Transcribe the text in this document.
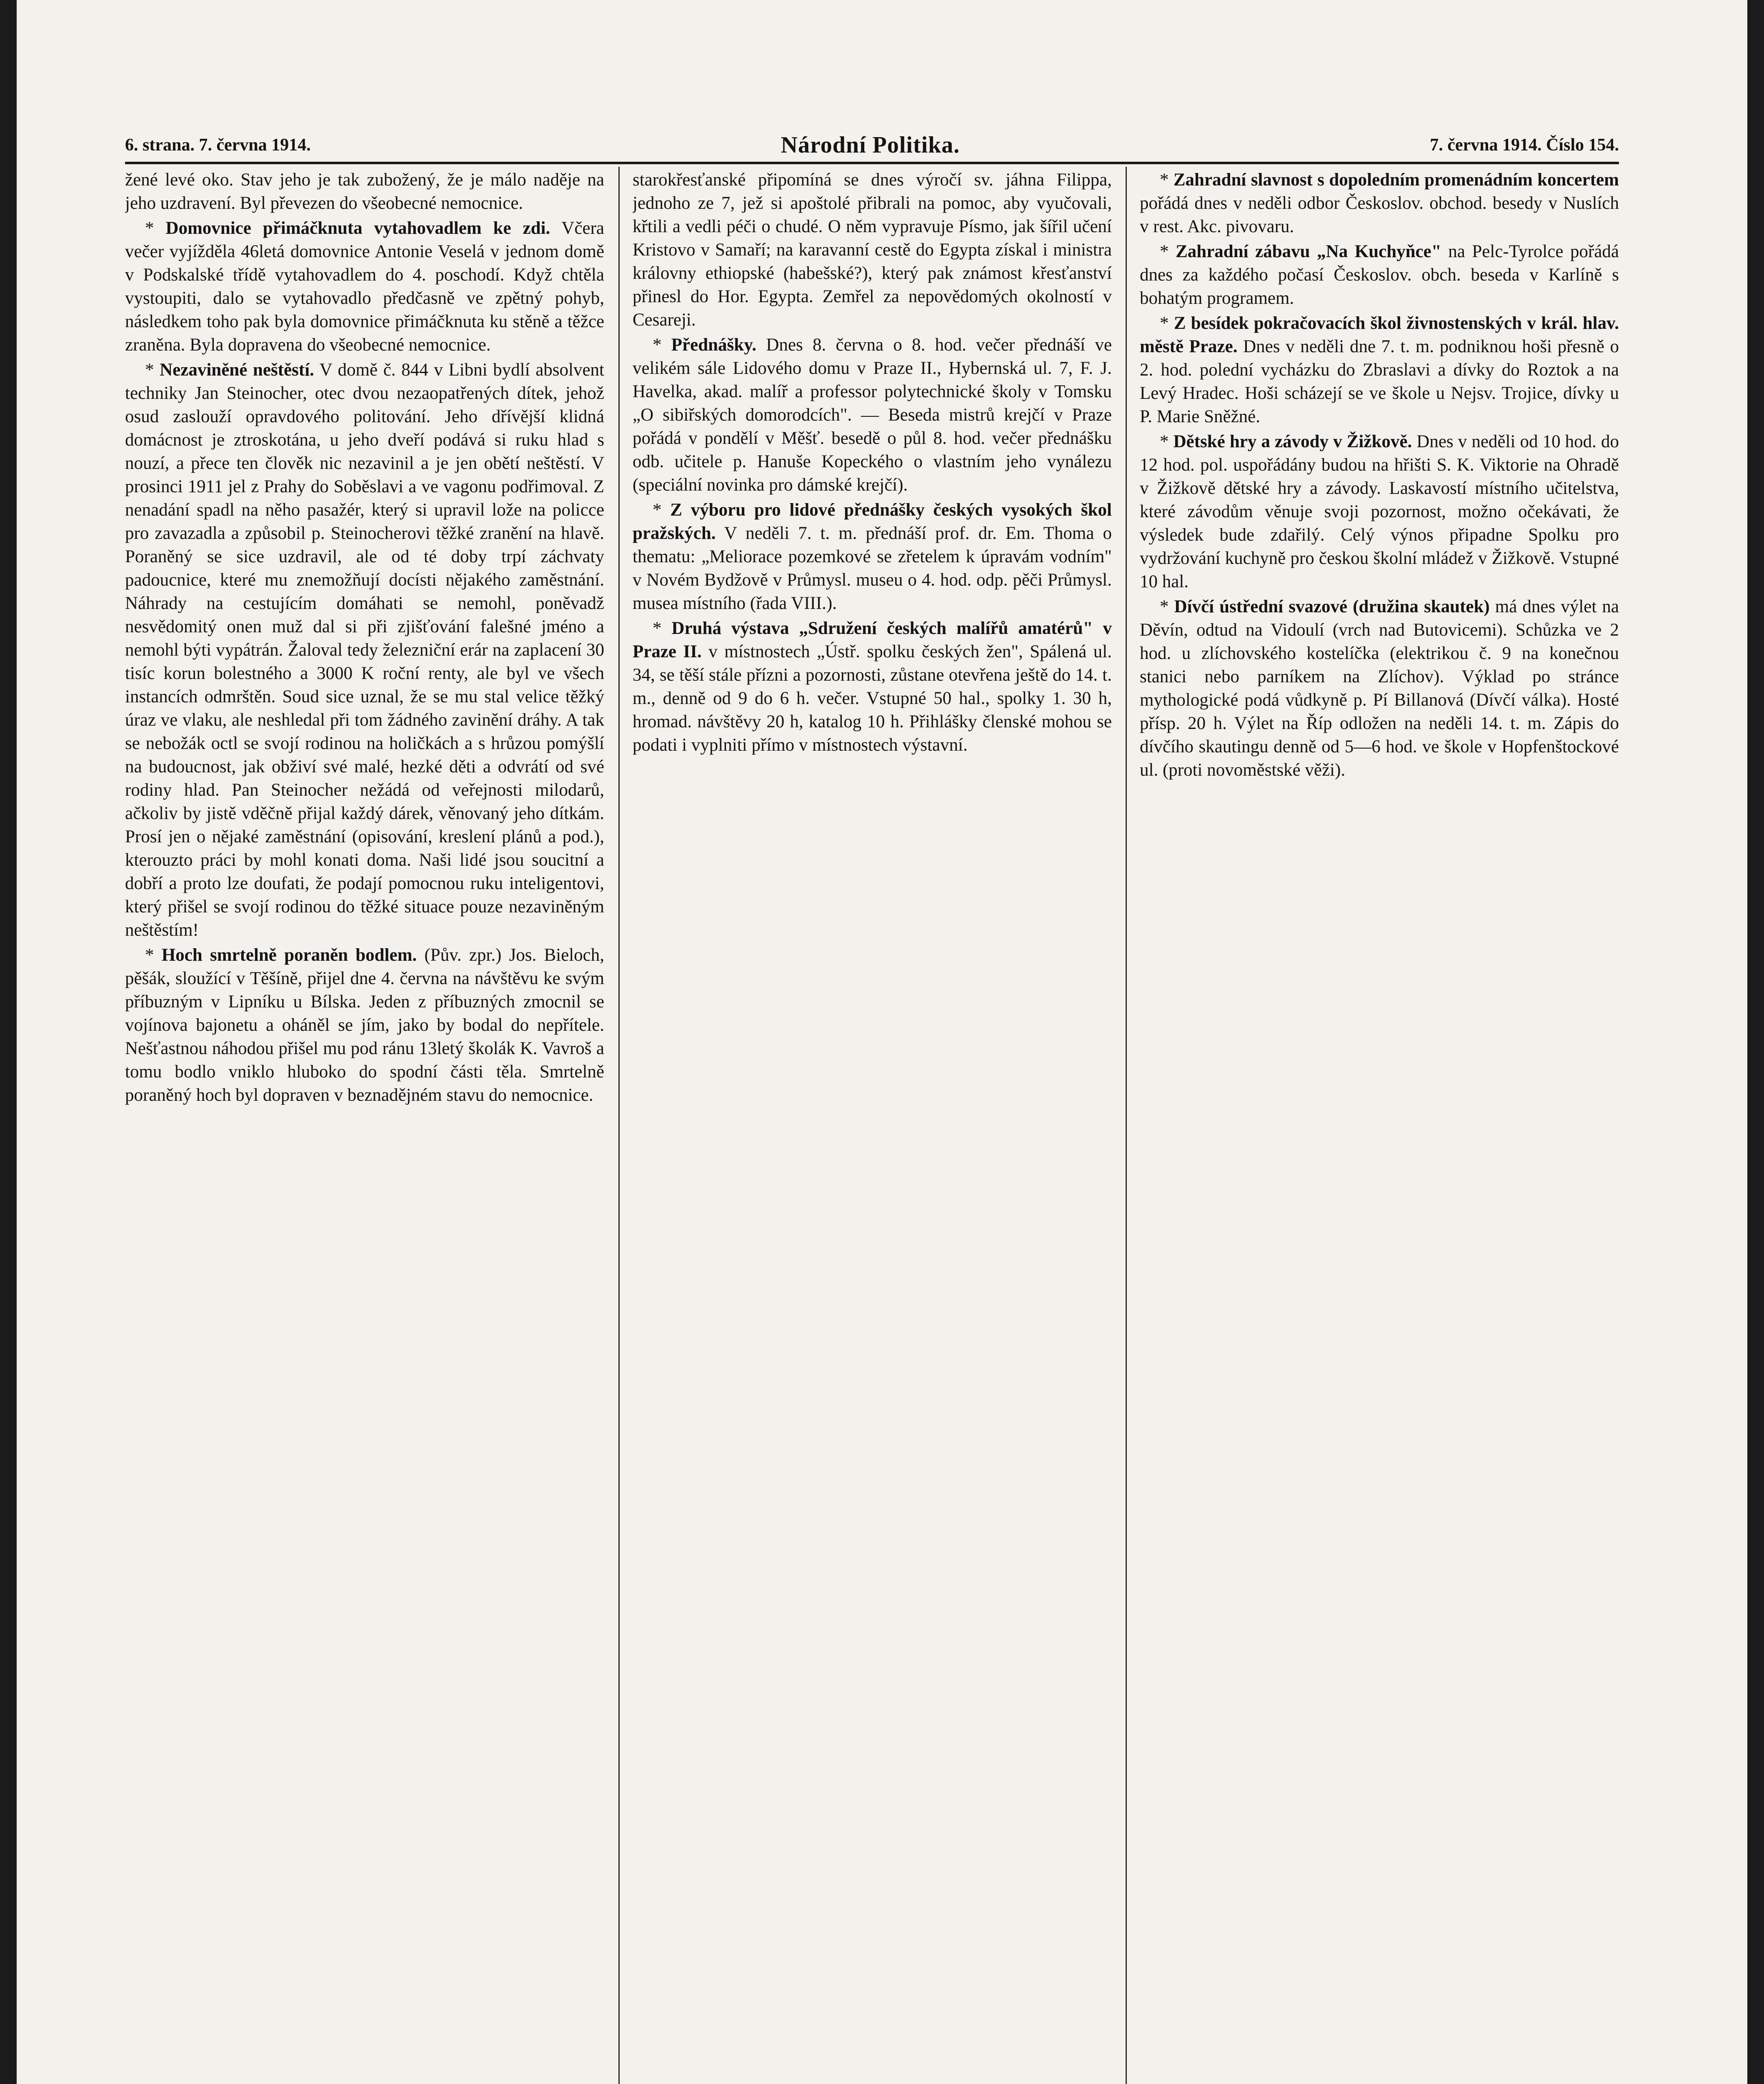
6. strana. 7. června 1914.	Národní Politika.	7. června 1914. Číslo 154.

žené levé oko. Stav jeho je tak zubožený, že je málo naděje na jeho uzdravení. Byl převezen do všeobecné nemocnice.

* Domovnice přimáčknuta vytahovadlem ke zdi. Včera večer vyjížděla 46letá domovnice Antonie Veselá v jednom domě v Podskalské třídě vytahovadlem do 4. poschodí. Když chtěla vystoupiti, dalo se vytahovadlo předčasně ve zpětný pohyb, následkem toho pak byla domovnice přimáčknuta ku stěně a těžce zraněna. Byla dopravena do všeobecné nemocnice.

* Nezaviněné neštěstí. V domě č. 844 v Libni bydlí absolvent techniky Jan Steinocher, otec dvou nezaopatřených dítek, jehož osud zaslouží opravdového politování. Jeho dřívější klidná domácnost je ztroskotána, u jeho dveří podává si ruku hlad s nouzí, a přece ten člověk nic nezavinil a je jen obětí neštěstí. V prosinci 1911 jel z Prahy do Soběslavi a ve vagonu podřimoval. Z nenadání spadl na něho pasažér, který si upravil lože na policce pro zavazadla a způsobil p. Steinocherovi těžké zranění na hlavě. Poraněný se sice uzdravil, ale od té doby trpí záchvaty padoucnice, které mu znemožňují docísti nějakého zaměstnání. Náhrady na cestujícím domáhati se nemohl, poněvadž nesvědomitý onen muž dal si při zjišťování falešné jméno a nemohl býti vypátrán. Žaloval tedy železniční erár na zaplacení 30 tisíc korun bolestného a 3000 K roční renty, ale byl ve všech instancích odmrštěn. Soud sice uznal, že se mu stal velice těžký úraz ve vlaku, ale neshledal při tom žádného zavinění dráhy. A tak se nebožák octl se svojí rodinou na holičkách a s hrůzou pomýšlí na budoucnost, jak obživí své malé, hezké děti a odvrátí od své rodiny hlad. Pan Steinocher nežádá od veřejnosti milodarů, ačkoliv by jistě vděčně přijal každý dárek, věnovaný jeho dítkám. Prosí jen o nějaké zaměstnání (opisování, kreslení plánů a pod.), kterouzto práci by mohl konati doma. Naši lidé jsou soucitní a dobří a proto lze doufati, že podají pomocnou ruku inteligentovi, který přišel se svojí rodinou do těžké situace pouze nezaviněným neštěstím!

* Hoch smrtelně poraněn bodlem. (Pův. zpr.) Jos. Bieloch, pěšák, sloužící v Těšíně, přijel dne 4. června na návštěvu ke svým příbuzným v Lipníku u Bílska. Jeden z příbuzných zmocnil se vojínova bajonetu a oháněl se jím, jako by bodal do nepřítele. Nešťastnou náhodou přišel mu pod ránu 13letý školák K. Vavroš a tomu bodlo vniklo hluboko do spodní části těla. Smrtelně poraněný hoch byl dopraven v beznadějném stavu do nemocnice.

starokřesťanské připomíná se dnes výročí sv. jáhna Filippa, jednoho ze 7, jež si apoštolé přibrali na pomoc, aby vyučovali, křtili a vedli péči o chudé. O něm vypravuje Písmo, jak šířil učení Kristovo v Samaří; na karavanní cestě do Egypta získal i ministra královny ethiopské (habešské?), který pak známost křesťanství přinesl do Hor. Egypta. Zemřel za nepovědomých okolností v Cesareji.

* Přednášky. Dnes 8. června o 8. hod. večer přednáší ve velikém sále Lidového domu v Praze II., Hybernská ul. 7, F. J. Havelka, akad. malíř a professor polytechnické školy v Tomsku „O sibiřských domorodcích". — Beseda mistrů krejčí v Praze pořádá v pondělí v Měšť. besedě o půl 8. hod. večer přednášku odb. učitele p. Hanuše Kopeckého o vlastním jeho vynálezu (speciální novinka pro dámské krejčí).

* Z výboru pro lidové přednášky českých vysokých škol pražských. V neděli 7. t. m. přednáší prof. dr. Em. Thoma o thematu: „Meliorace pozemkové se zřetelem k úpravám vodním" v Novém Bydžově v Průmysl. museu o 4. hod. odp. pěči Průmysl. musea místního (řada VIII.).

* Druhá výstava „Sdružení českých malířů amatérů" v Praze II. v místnostech „Ústř. spolku českých žen", Spálená ul. 34, se těší stále přízni a pozornosti, zůstane otevřena ještě do 14. t. m., denně od 9 do 6 h. večer. Vstupné 50 hal., spolky 1. 30 h, hromad. návštěvy 20 h, katalog 10 h. Přihlášky členské mohou se podati i vyplniti přímo v místnostech výstavní.

* Zahradní slavnost s dopoledním promenádním koncertem pořádá dnes v neděli odbor Českoslov. obchod. besedy v Nuslích v rest. Akc. pivovaru.

* Zahradní zábavu „Na Kuchyňce" na Pelc-Tyrolce pořádá dnes za každého počasí Českoslov. obch. beseda v Karlíně s bohatým programem.

* Z besídek pokračovacích škol živnostenských v král. hlav. městě Praze. Dnes v neděli dne 7. t. m. podniknou hoši přesně o 2. hod. polední vycházku do Zbraslavi a dívky do Roztok a na Levý Hradec. Hoši scházejí se ve škole u Nejsv. Trojice, dívky u P. Marie Sněžné.

* Dětské hry a závody v Žižkově. Dnes v neděli od 10 hod. do 12 hod. pol. uspořádány budou na hřišti S. K. Viktorie na Ohradě v Žižkově dětské hry a závody. Laskavostí místního učitelstva, které závodům věnuje svoji pozornost, možno očekávati, že výsledek bude zdařilý. Celý výnos připadne Spolku pro vydržování kuchyně pro českou školní mládež v Žižkově. Vstupné 10 hal.

* Dívčí ústřední svazové (družina skautek) má dnes výlet na Děvín, odtud na Vidoulí (vrch nad Butovicemi). Schůzka ve 2 hod. u zlíchovského kostelíčka (elektrikou č. 9 na konečnou stanici nebo parníkem na Zlíchov). Výklad po stránce mythologické podá vůdkyně p. Pí Billanová (Dívčí válka). Hosté přísp. 20 h. Výlet na Říp odložen na neděli 14. t. m. Zápis do dívčího skautingu denně od 5—6 hod. ve škole v Hopfenštockové ul. (proti novoměstské věži).
